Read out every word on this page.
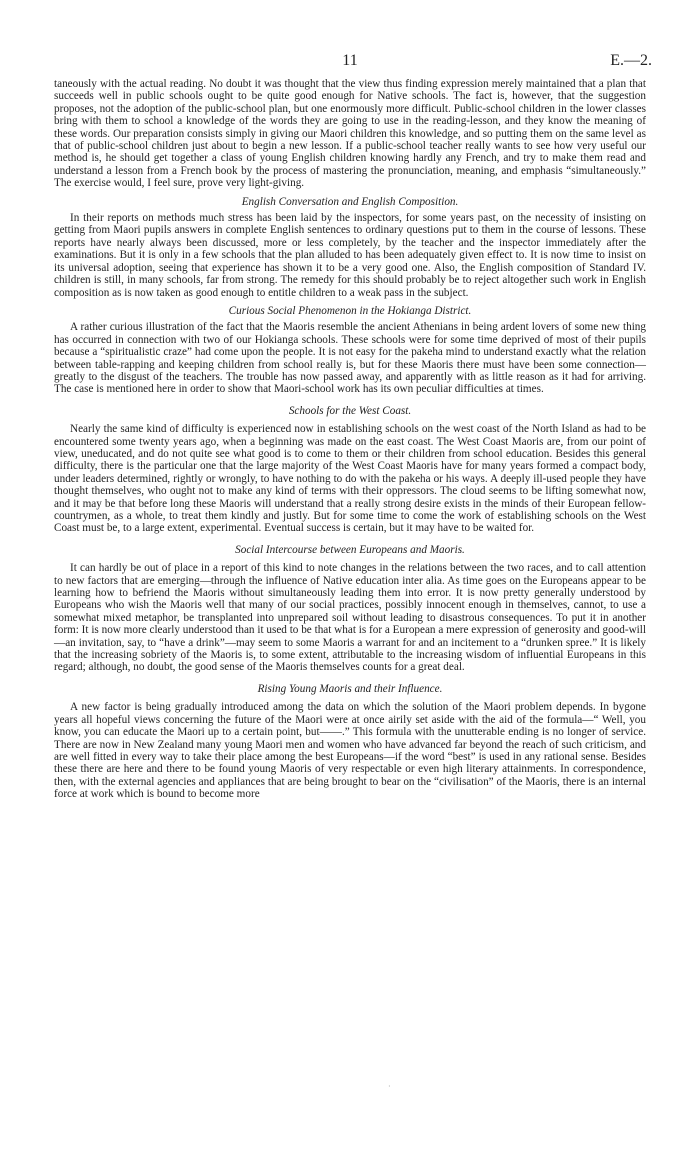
11	E.—2.

taneously with the actual reading. No doubt it was thought that the view thus finding expression merely maintained that a plan that succeeds well in public schools ought to be quite good enough for Native schools. The fact is, however, that the suggestion proposes, not the adoption of the public-school plan, but one enormously more difficult. Public-school children in the lower classes bring with them to school a knowledge of the words they are going to use in the reading-lesson, and they know the meaning of these words. Our preparation consists simply in giving our Maori children this knowledge, and so putting them on the same level as that of public-school children just about to begin a new lesson. If a public-school teacher really wants to see how very useful our method is, he should get together a class of young English children knowing hardly any French, and try to make them read and understand a lesson from a French book by the process of mastering the pronunciation, meaning, and emphasis “simultaneously.” The exercise would, I feel sure, prove very light-giving.

English Conversation and English Composition.

In their reports on methods much stress has been laid by the inspectors, for some years past, on the necessity of insisting on getting from Maori pupils answers in complete English sentences to ordinary questions put to them in the course of lessons. These reports have nearly always been discussed, more or less completely, by the teacher and the inspector immediately after the examinations. But it is only in a few schools that the plan alluded to has been adequately given effect to. It is now time to insist on its universal adoption, seeing that experience has shown it to be a very good one. Also, the English composition of Standard IV. children is still, in many schools, far from strong. The remedy for this should probably be to reject altogether such work in English composition as is now taken as good enough to entitle children to a weak pass in the subject.

Curious Social Phenomenon in the Hokianga District.

A rather curious illustration of the fact that the Maoris resemble the ancient Athenians in being ardent lovers of some new thing has occurred in connection with two of our Hokianga schools. These schools were for some time deprived of most of their pupils because a “spiritualistic craze” had come upon the people. It is not easy for the pakeha mind to understand exactly what the relation between table-rapping and keeping children from school really is, but for these Maoris there must have been some connection—greatly to the disgust of the teachers. The trouble has now passed away, and apparently with as little reason as it had for arriving. The case is mentioned here in order to show that Maori-school work has its own peculiar difficulties at times.

Schools for the West Coast.

Nearly the same kind of difficulty is experienced now in establishing schools on the west coast of the North Island as had to be encountered some twenty years ago, when a beginning was made on the east coast. The West Coast Maoris are, from our point of view, uneducated, and do not quite see what good is to come to them or their children from school education. Besides this general difficulty, there is the particular one that the large majority of the West Coast Maoris have for many years formed a compact body, under leaders determined, rightly or wrongly, to have nothing to do with the pakeha or his ways. A deeply ill-used people they have thought themselves, who ought not to make any kind of terms with their oppressors. The cloud seems to be lifting somewhat now, and it may be that before long these Maoris will understand that a really strong desire exists in the minds of their European fellow-countrymen, as a whole, to treat them kindly and justly. But for some time to come the work of establishing schools on the West Coast must be, to a large extent, experimental. Eventual success is certain, but it may have to be waited for.

Social Intercourse between Europeans and Maoris.

It can hardly be out of place in a report of this kind to note changes in the relations between the two races, and to call attention to new factors that are emerging—through the influence of Native education inter alia. As time goes on the Europeans appear to be learning how to befriend the Maoris without simultaneously leading them into error. It is now pretty generally understood by Europeans who wish the Maoris well that many of our social practices, possibly innocent enough in themselves, cannot, to use a somewhat mixed metaphor, be transplanted into unprepared soil without leading to disastrous consequences. To put it in another form: It is now more clearly understood than it used to be that what is for a European a mere expression of generosity and good-will—an invitation, say, to “have a drink”—may seem to some Maoris a warrant for and an incitement to a “drunken spree.” It is likely that the increasing sobriety of the Maoris is, to some extent, attributable to the increasing wisdom of influential Europeans in this regard; although, no doubt, the good sense of the Maoris themselves counts for a great deal.

Rising Young Maoris and their Influence.

A new factor is being gradually introduced among the data on which the solution of the Maori problem depends. In bygone years all hopeful views concerning the future of the Maori were at once airily set aside with the aid of the formula—“ Well, you know, you can educate the Maori up to a certain point, but——.” This formula with the unutterable ending is no longer of service. There are now in New Zealand many young Maori men and women who have advanced far beyond the reach of such criticism, and are well fitted in every way to take their place among the best Europeans—if the word “best” is used in any rational sense. Besides these there are here and there to be found young Maoris of very respectable or even high literary attainments. In correspondence, then, with the external agencies and appliances that are being brought to bear on the “civilisation” of the Maoris, there is an internal force at work which is bound to become more

·
